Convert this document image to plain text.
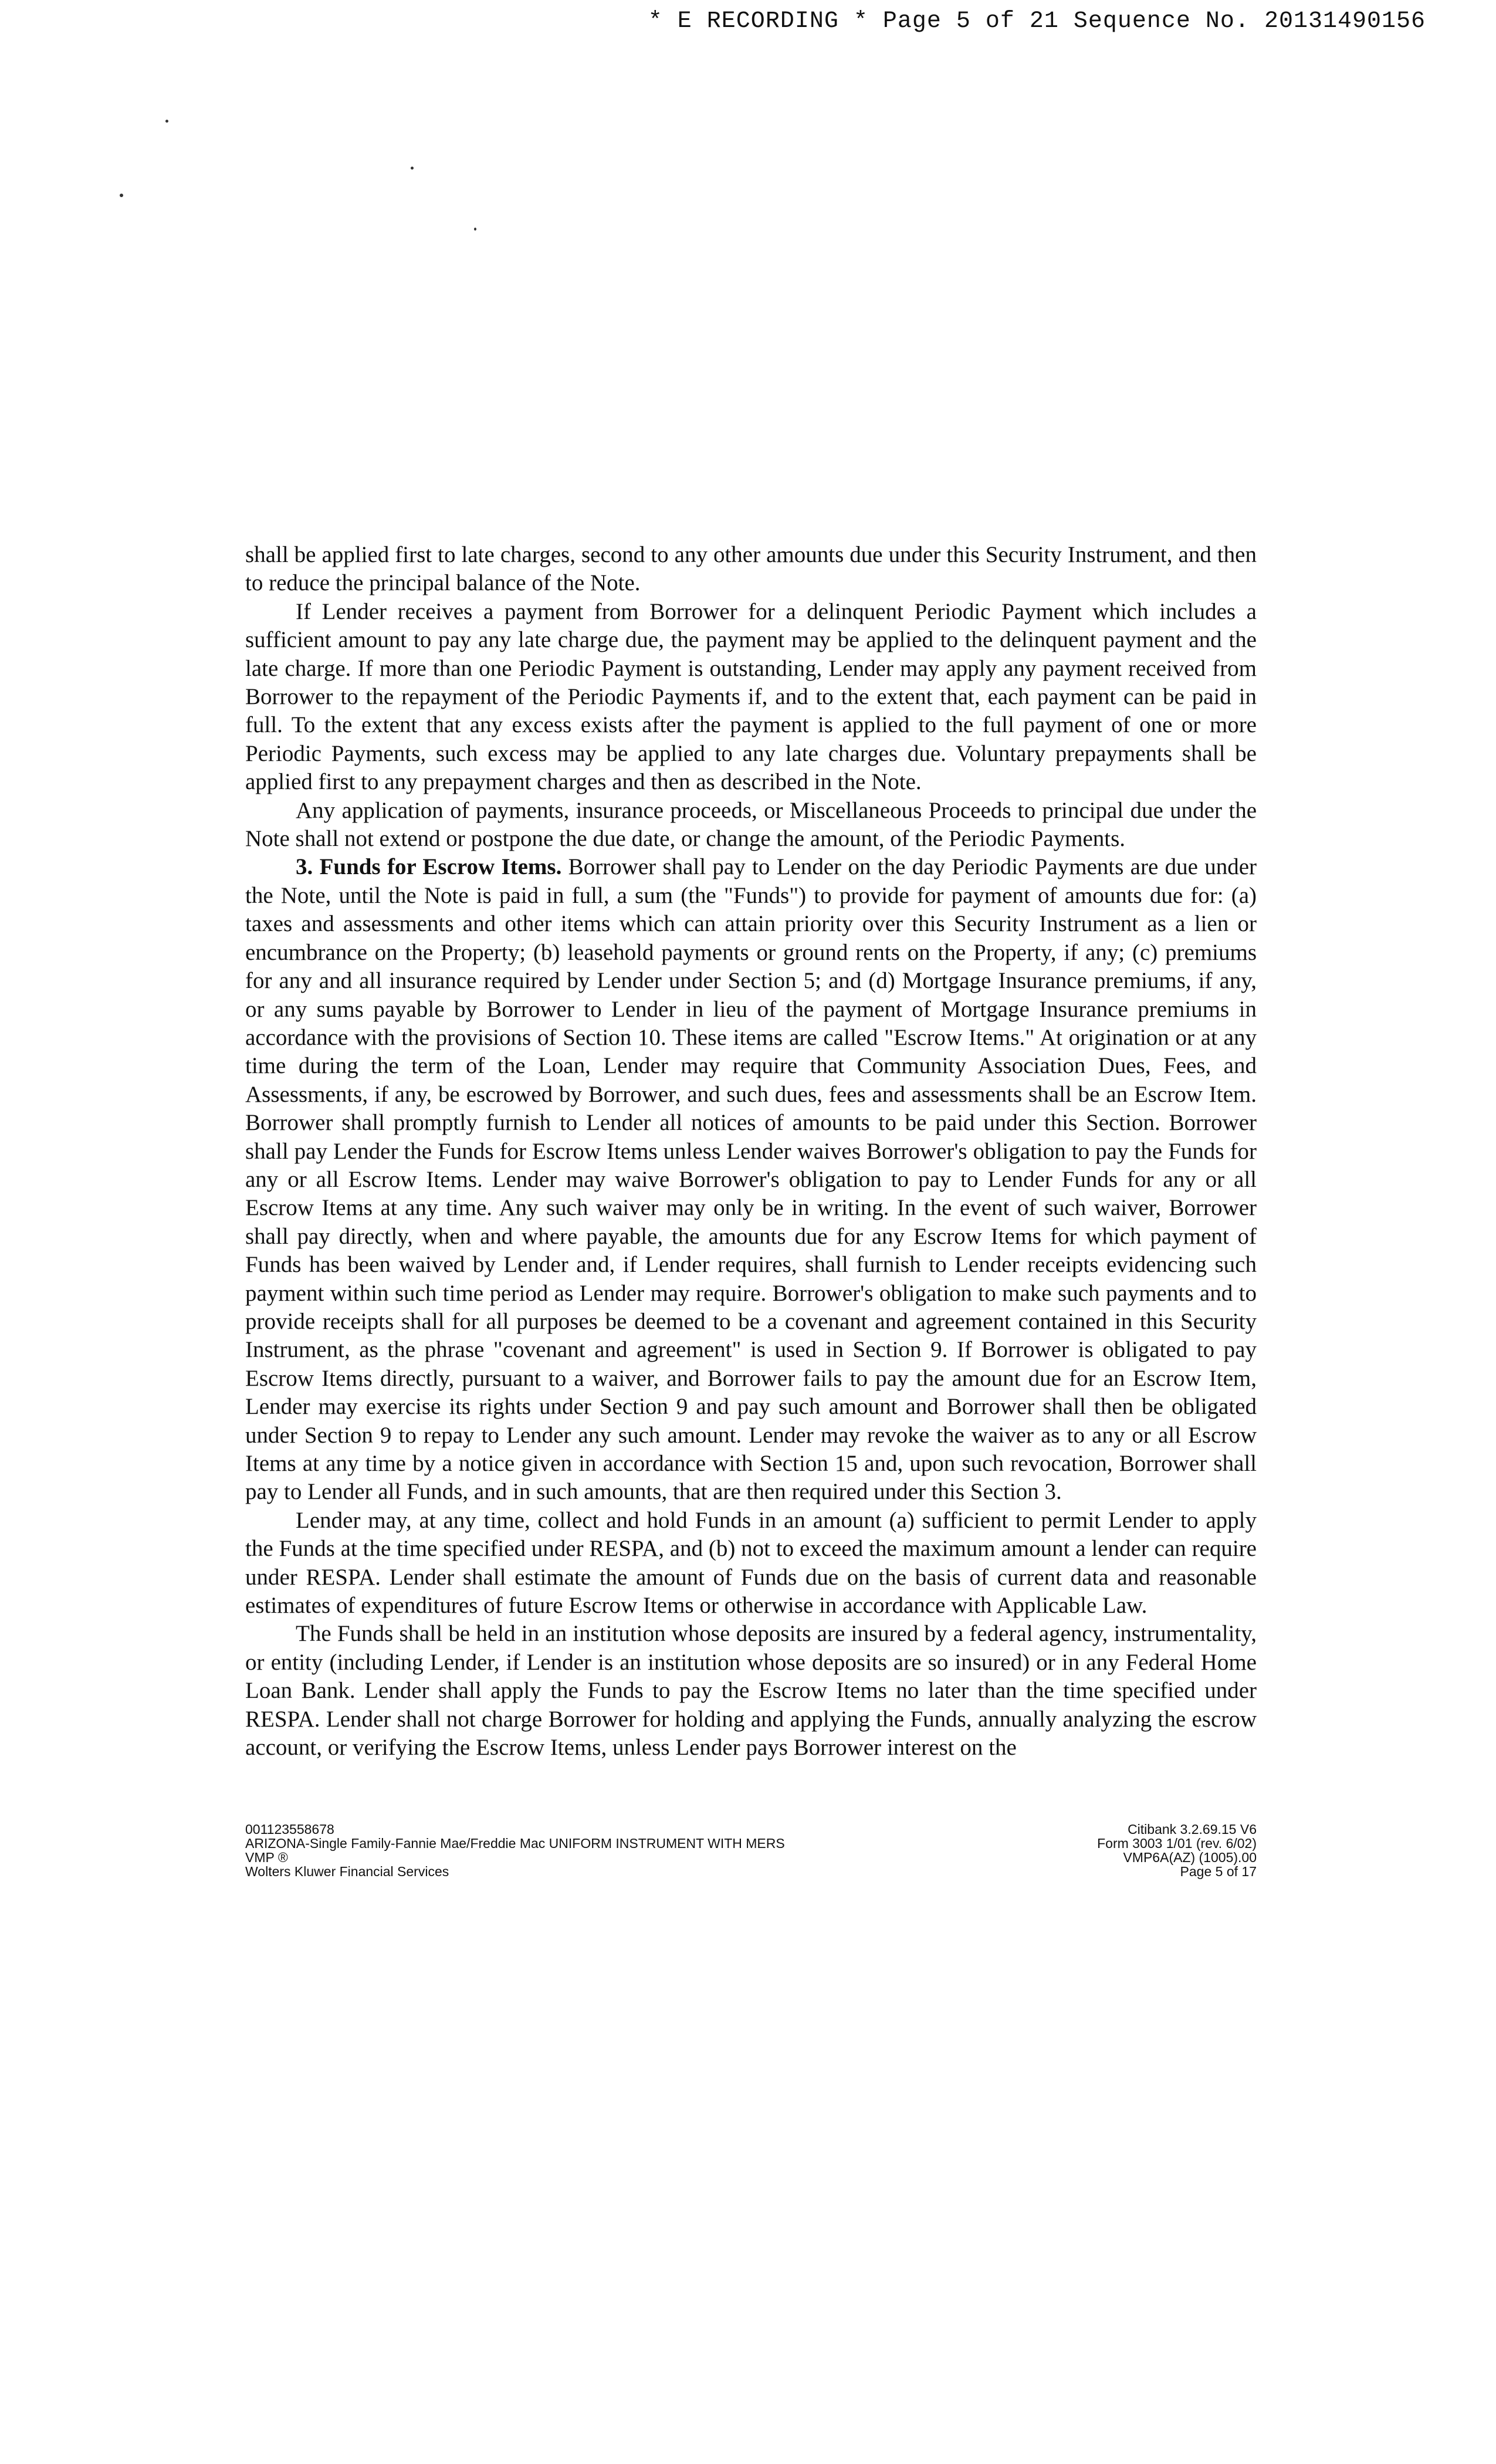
* E RECORDING * Page 5 of 21 Sequence No. 20131490156

shall be applied first to late charges, second to any other amounts due under this Security Instrument, and then to reduce the principal balance of the Note.

If Lender receives a payment from Borrower for a delinquent Periodic Payment which includes a sufficient amount to pay any late charge due, the payment may be applied to the delinquent payment and the late charge. If more than one Periodic Payment is outstanding, Lender may apply any payment received from Borrower to the repayment of the Periodic Payments if, and to the extent that, each payment can be paid in full. To the extent that any excess exists after the payment is applied to the full payment of one or more Periodic Payments, such excess may be applied to any late charges due. Voluntary prepayments shall be applied first to any prepayment charges and then as described in the Note.

Any application of payments, insurance proceeds, or Miscellaneous Proceeds to principal due under the Note shall not extend or postpone the due date, or change the amount, of the Periodic Payments.

3. Funds for Escrow Items. Borrower shall pay to Lender on the day Periodic Payments are due under the Note, until the Note is paid in full, a sum (the "Funds") to provide for payment of amounts due for: (a) taxes and assessments and other items which can attain priority over this Security Instrument as a lien or encumbrance on the Property; (b) leasehold payments or ground rents on the Property, if any; (c) premiums for any and all insurance required by Lender under Section 5; and (d) Mortgage Insurance premiums, if any, or any sums payable by Borrower to Lender in lieu of the payment of Mortgage Insurance premiums in accordance with the provisions of Section 10. These items are called "Escrow Items." At origination or at any time during the term of the Loan, Lender may require that Community Association Dues, Fees, and Assessments, if any, be escrowed by Borrower, and such dues, fees and assessments shall be an Escrow Item. Borrower shall promptly furnish to Lender all notices of amounts to be paid under this Section. Borrower shall pay Lender the Funds for Escrow Items unless Lender waives Borrower's obligation to pay the Funds for any or all Escrow Items. Lender may waive Borrower's obligation to pay to Lender Funds for any or all Escrow Items at any time. Any such waiver may only be in writing. In the event of such waiver, Borrower shall pay directly, when and where payable, the amounts due for any Escrow Items for which payment of Funds has been waived by Lender and, if Lender requires, shall furnish to Lender receipts evidencing such payment within such time period as Lender may require. Borrower's obligation to make such payments and to provide receipts shall for all purposes be deemed to be a covenant and agreement contained in this Security Instrument, as the phrase "covenant and agreement" is used in Section 9. If Borrower is obligated to pay Escrow Items directly, pursuant to a waiver, and Borrower fails to pay the amount due for an Escrow Item, Lender may exercise its rights under Section 9 and pay such amount and Borrower shall then be obligated under Section 9 to repay to Lender any such amount. Lender may revoke the waiver as to any or all Escrow Items at any time by a notice given in accordance with Section 15 and, upon such revocation, Borrower shall pay to Lender all Funds, and in such amounts, that are then required under this Section 3.

Lender may, at any time, collect and hold Funds in an amount (a) sufficient to permit Lender to apply the Funds at the time specified under RESPA, and (b) not to exceed the maximum amount a lender can require under RESPA. Lender shall estimate the amount of Funds due on the basis of current data and reasonable estimates of expenditures of future Escrow Items or otherwise in accordance with Applicable Law.

The Funds shall be held in an institution whose deposits are insured by a federal agency, instrumentality, or entity (including Lender, if Lender is an institution whose deposits are so insured) or in any Federal Home Loan Bank. Lender shall apply the Funds to pay the Escrow Items no later than the time specified under RESPA. Lender shall not charge Borrower for holding and applying the Funds, annually analyzing the escrow account, or verifying the Escrow Items, unless Lender pays Borrower interest on the

001123558678
ARIZONA-Single Family-Fannie Mae/Freddie Mac UNIFORM INSTRUMENT WITH MERS
VMP ®
Wolters Kluwer Financial Services
Citibank 3.2.69.15 V6
Form 3003 1/01 (rev. 6/02)
VMP6A(AZ) (1005).00
Page 5 of 17
